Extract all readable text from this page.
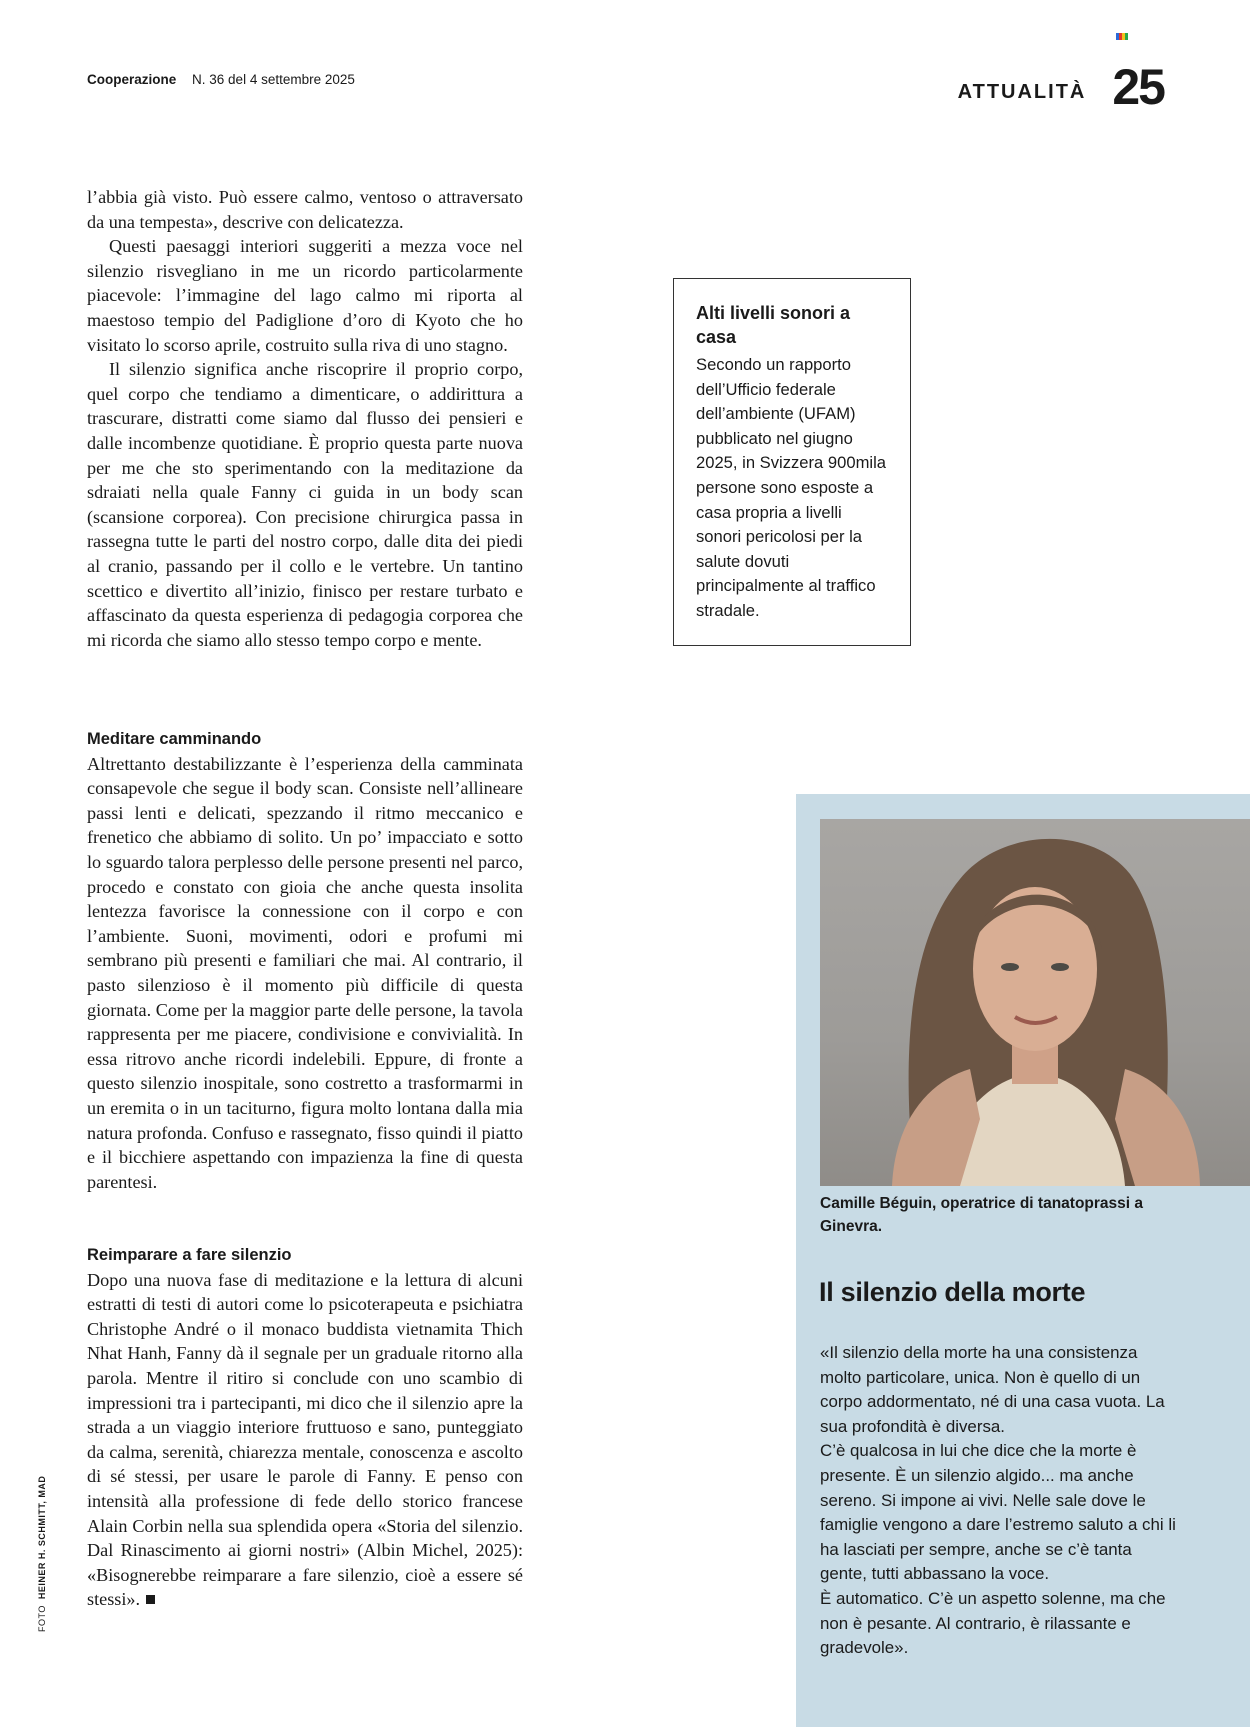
Cooperazione N. 36 del 4 settembre 2025
ATTUALITÀ 25

l’abbia già visto. Può essere calmo, ventoso o attraversato da una tempesta», descrive con delicatezza.

Questi paesaggi interiori suggeriti a mezza voce nel silenzio risvegliano in me un ricordo particolarmente piacevole: l’immagine del lago calmo mi riporta al maestoso tempio del Padiglione d’oro di Kyoto che ho visitato lo scorso aprile, costruito sulla riva di uno stagno.

Il silenzio significa anche riscoprire il proprio corpo, quel corpo che tendiamo a dimenticare, o addirittura a trascurare, distratti come siamo dal flusso dei pensieri e dalle incombenze quotidiane. È proprio questa parte nuova per me che sto sperimentando con la meditazione da sdraiati nella quale Fanny ci guida in un body scan (scansione corporea). Con precisione chirurgica passa in rassegna tutte le parti del nostro corpo, dalle dita dei piedi al cranio, passando per il collo e le vertebre. Un tantino scettico e divertito all’inizio, finisco per restare turbato e affascinato da questa esperienza di pedagogia corporea che mi ricorda che siamo allo stesso tempo corpo e mente.

Meditare camminando

Altrettanto destabilizzante è l’esperienza della camminata consapevole che segue il body scan. Consiste nell’allineare passi lenti e delicati, spezzando il ritmo meccanico e frenetico che abbiamo di solito. Un po’ impacciato e sotto lo sguardo talora perplesso delle persone presenti nel parco, procedo e constato con gioia che anche questa insolita lentezza favorisce la connessione con il corpo e con l’ambiente. Suoni, movimenti, odori e profumi mi sembrano più presenti e familiari che mai. Al contrario, il pasto silenzioso è il momento più difficile di questa giornata. Come per la maggior parte delle persone, la tavola rappresenta per me piacere, condivisione e convivialità. In essa ritrovo anche ricordi indelebili. Eppure, di fronte a questo silenzio inospitale, sono costretto a trasformarmi in un eremita o in un taciturno, figura molto lontana dalla mia natura profonda. Confuso e rassegnato, fisso quindi il piatto e il bicchiere aspettando con impazienza la fine di questa parentesi.

Reimparare a fare silenzio

Dopo una nuova fase di meditazione e la lettura di alcuni estratti di testi di autori come lo psicoterapeuta e psichiatra Christophe André o il monaco buddista vietnamita Thich Nhat Hanh, Fanny dà il segnale per un graduale ritorno alla parola. Mentre il ritiro si conclude con uno scambio di impressioni tra i partecipanti, mi dico che il silenzio apre la strada a un viaggio interiore fruttuoso e sano, punteggiato da calma, serenità, chiarezza mentale, conoscenza e ascolto di sé stessi, per usare le parole di Fanny. E penso con intensità alla professione di fede dello storico francese Alain Corbin nella sua splendida opera «Storia del silenzio. Dal Rinascimento ai giorni nostri» (Albin Michel, 2025): «Bisognerebbe reimparare a fare silenzio, cioè a essere sé stessi».

Alti livelli sonori a casa

Secondo un rapporto dell’Ufficio federale dell’ambiente (UFAM) pubblicato nel giugno 2025, in Svizzera 900mila persone sono esposte a casa propria a livelli sonori pericolosi per la salute dovuti principalmente al traffico stradale.

Camille Béguin, operatrice di tanatoprassi a Ginevra.
Il silenzio della morte

«Il silenzio della morte ha una consistenza molto particolare, unica. Non è quello di un corpo addormentato, né di una casa vuota. La sua profondità è diversa.

C’è qualcosa in lui che dice che la morte è presente. È un silenzio algido... ma anche sereno. Si impone ai vivi. Nelle sale dove le famiglie vengono a dare l’estremo saluto a chi li ha lasciati per sempre, anche se c’è tanta gente, tutti abbassano la voce.

È automatico. C’è un aspetto solenne, ma che non è pesante. Al contrario, è rilassante e gradevole».

FOTO  HEINER H. SCHMITT, MAD
